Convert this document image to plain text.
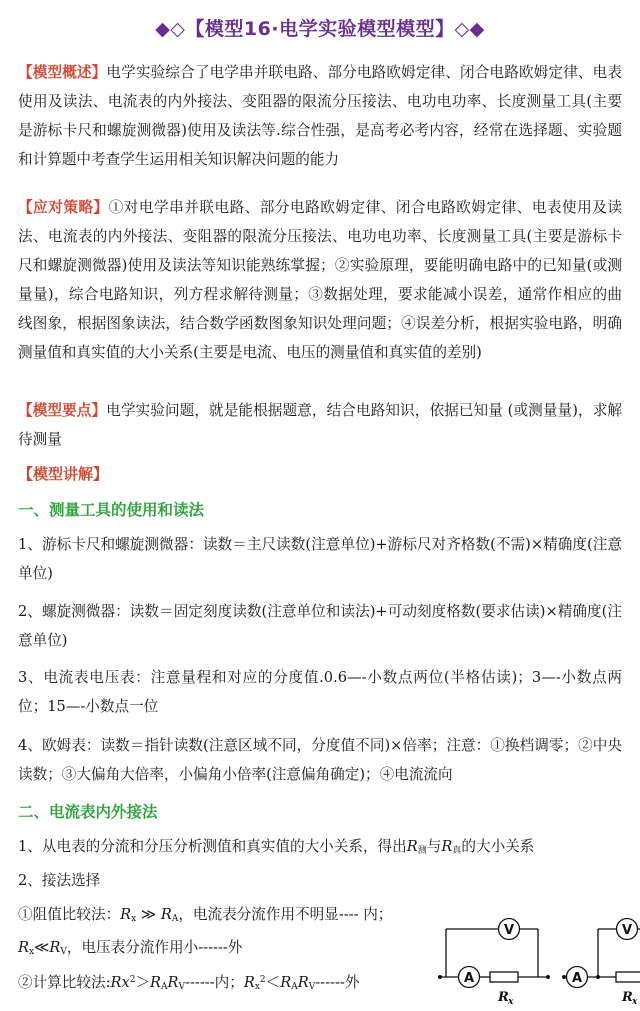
◆◇【模型16·电学实验模型模型】◇◆
【模型概述】电学实验综合了电学串并联电路、部分电路欧姆定律、闭合电路欧姆定律、电表使用及读法、电流表的内外接法、变阻器的限流分压接法、电功电功率、长度测量工具(主要是游标卡尺和螺旋测微器)使用及读法等.综合性强，是高考必考内容，经常在选择题、实验题和计算题中考查学生运用相关知识解决问题的能力
【应对策略】①对电学串并联电路、部分电路欧姆定律、闭合电路欧姆定律、电表使用及读法、电流表的内外接法、变阻器的限流分压接法、电功电功率、长度测量工具(主要是游标卡尺和螺旋测微器)使用及读法等知识能熟练掌握；②实验原理，要能明确电路中的已知量(或测量量)，综合电路知识，列方程求解待测量；③数据处理，要求能减小误差，通常作相应的曲线图象，根据图象读法，结合数学函数图象知识处理问题；④误差分析，根据实验电路，明确测量值和真实值的大小关系(主要是电流、电压的测量值和真实值的差别)
【模型要点】电学实验问题，就是能根据题意，结合电路知识，依据已知量 (或测量量)，求解待测量
【模型讲解】
一、测量工具的使用和读法
1、游标卡尺和螺旋测微器：读数＝主尺读数(注意单位)+游标尺对齐格数(不需)×精确度(注意单位)
2、螺旋测微器：读数＝固定刻度读数(注意单位和读法)+可动刻度格数(要求估读)×精确度(注意单位)
3、电流表电压表：注意量程和对应的分度值.0.6—-小数点两位(半格估读)；3—-小数点两位；15—-小数点一位
4、欧姆表：读数＝指针读数(注意区域不同，分度值不同)×倍率；注意：①换档调零；②中央读数；③大偏角大倍率，小偏角小倍率(注意偏角确定)；④电流流向
二、电流表内外接法
1、从电表的分流和分压分析测值和真实值的大小关系，得出$R_测$与$R_真$的大小关系
2、接法选择
①阻值比较法：$R_x$ ≫ $R_A$，电流表分流作用不明显---- 内；
$R_x≪R_V$，电压表分流作用小------外
②计算比较法$:Rx^2>R_AR_V------$内；$R_x^2<R_AR_V------$外
V
A
R x
V
A
R x
